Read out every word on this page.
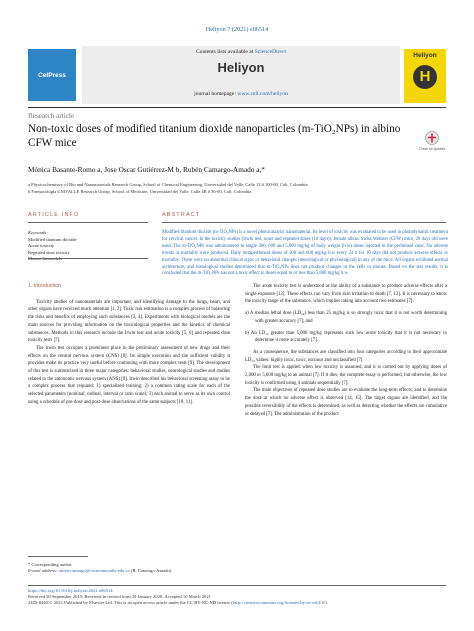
Heliyon 7 (2021) e06514
CelPress
Contents lists available at ScienceDirect
Heliyon
journal homepage: www.cell.com/heliyon
Heliyon
H
Research article
Non-toxic doses of modified titanium dioxide nanoparticles (m-TiO₂NPs) in albino CFW mice	Check for updates
Mónica Basante-Romo a, Jose Oscar Gutiérrez-M b, Rubén Camargo-Amado a,*
a Physicochemistry of Bio and Nanomaterials Research Group, School of Chemical Engineering, Universidad del Valle, Calle 13 # 100-00, Cali, Colombia
b Farmacología UNIVALLE Research Group, School of Medicine, Universidad del Valle, Calle 4B # 36-00, Cali, Colombia
ARTICLE INFO	ABSTRACT
Keywords:
Modified titanium dioxide
Acute toxicity
Repeated dose toxicity
Murine biomodels
Modified titanium dioxide (m-TiO₂NPs) is a novel photocatalytic nanomaterial. Its level of toxicity was evaluated to be used in photodynamic treatment for cervical cancer. In the toxicity studies (Irwin test, acute and repeated doses (10 days)), female albino Swiss Webster (CFW) mice, 28 days old were used. The m-TiO₂NPs was administered in single 300, 600 and 5,000 mg/kg of body weight (b.w) doses injected in the peritoneal zone. No adverse events or mortality were produced. Daily intraperitoneal doses of 300 and 600 mg/kg b.w every 24 h for 10 days did not produce adverse effects or mortality. There were no abnormal clinical signs or behavioral changes (neurological or physiological) in any of the mice. All organs exhibited normal architecture, and histological studies determined that m-TiO₂NPs does not produce changes in the cells or tissues. Based on the test results, it is concluded that the m-TiO₂NPs has not a toxic effect in doses equal to or less than 5,000 mg/kg b.w.
1. Introduction

Toxicity studies of nanomaterials are important, and identifying damage to the lungs, heart, and other organs have received much attention [1, 2]. Toxic risk estimation is a complex process of balancing the risks and benefits of employing such substances [3, 4]. Experiments with biological models are the main sources for providing information on the toxicological properties and the kinetics of chemical substances. Methods in this research include the Irwin test and acute toxicity [5, 6] and repeated dose toxicity tests [7].

The Irwin test occupies a prominent place in the preliminary assessment of new drugs and their effects on the central nervous system (CNS) [8]. Its simple execution and the sufficient validity it provides make its practice very useful before continuing with more complex tests [9]. The development of this test is summarized in three major categories: behavioral studies, neurological studies and studies related to the autonomic nervous system (ANS) [9]. Irwin described his behavioral screening assay to be a complex process that required: 1) specialized training; 2) a common rating scale for each of the selected parameters (nominal, ordinal, interval or ratio scale); 3) each animal to serve as its own control using a schedule of pre-dose and post-dose observations of the same subjects [10, 11].

The acute toxicity test is understood as the ability of a substance to produce adverse effects after a single exposure [12]. These effects can vary from skin irritation to death [7, 13]. It is necessary to know the toxicity range of the substance, which implies taking into account two estimates [7]:

a) A median lethal dose (LD₅₀) less than 25 mg/kg is so strongly toxic that it is not worth determining with greater accuracy [7]; and
b) An LD₅₀ greater than 5,000 mg/kg represents such low acute toxicity that it is not necessary to determine it more accurately [7].

As a consequence, the substances are classified into four categories according to their approximate LD₅₀ values: highly toxic, toxic, noxious and unclassified [7].

The limit test is applied when low toxicity is assumed, and it is carried out by applying doses of 2,000 or 5,000 mg/kg to an animal [7]. If it dies, the complete essay is performed, but otherwise, the low toxicity is confirmed using 4 animals sequentially [7].

The main objectives of repeated dose studies are to evaluate the long-term effects, and to determine the dose at which no adverse effect is observed [14, 15]. The target organs are identified, and the possible reversibility of the effects is determined, as well as detecting whether the effects are cumulative or delayed [7]. The administration of the product

* Corresponding author.
E-mail address: ruben.camargo@correounivalle.edu.co (R. Camargo-Amado).
https://doi.org/10.1016/j.heliyon.2021.e06514
Received 20 September 2019; Received in revised form 29 January 2020; Accepted 10 March 2021
2405-8440/© 2021 Published by Elsevier Ltd. This is an open access article under the CC BY-NC-ND license (http://creativecommons.org/licenses/by-nc-nd/4.0/).
